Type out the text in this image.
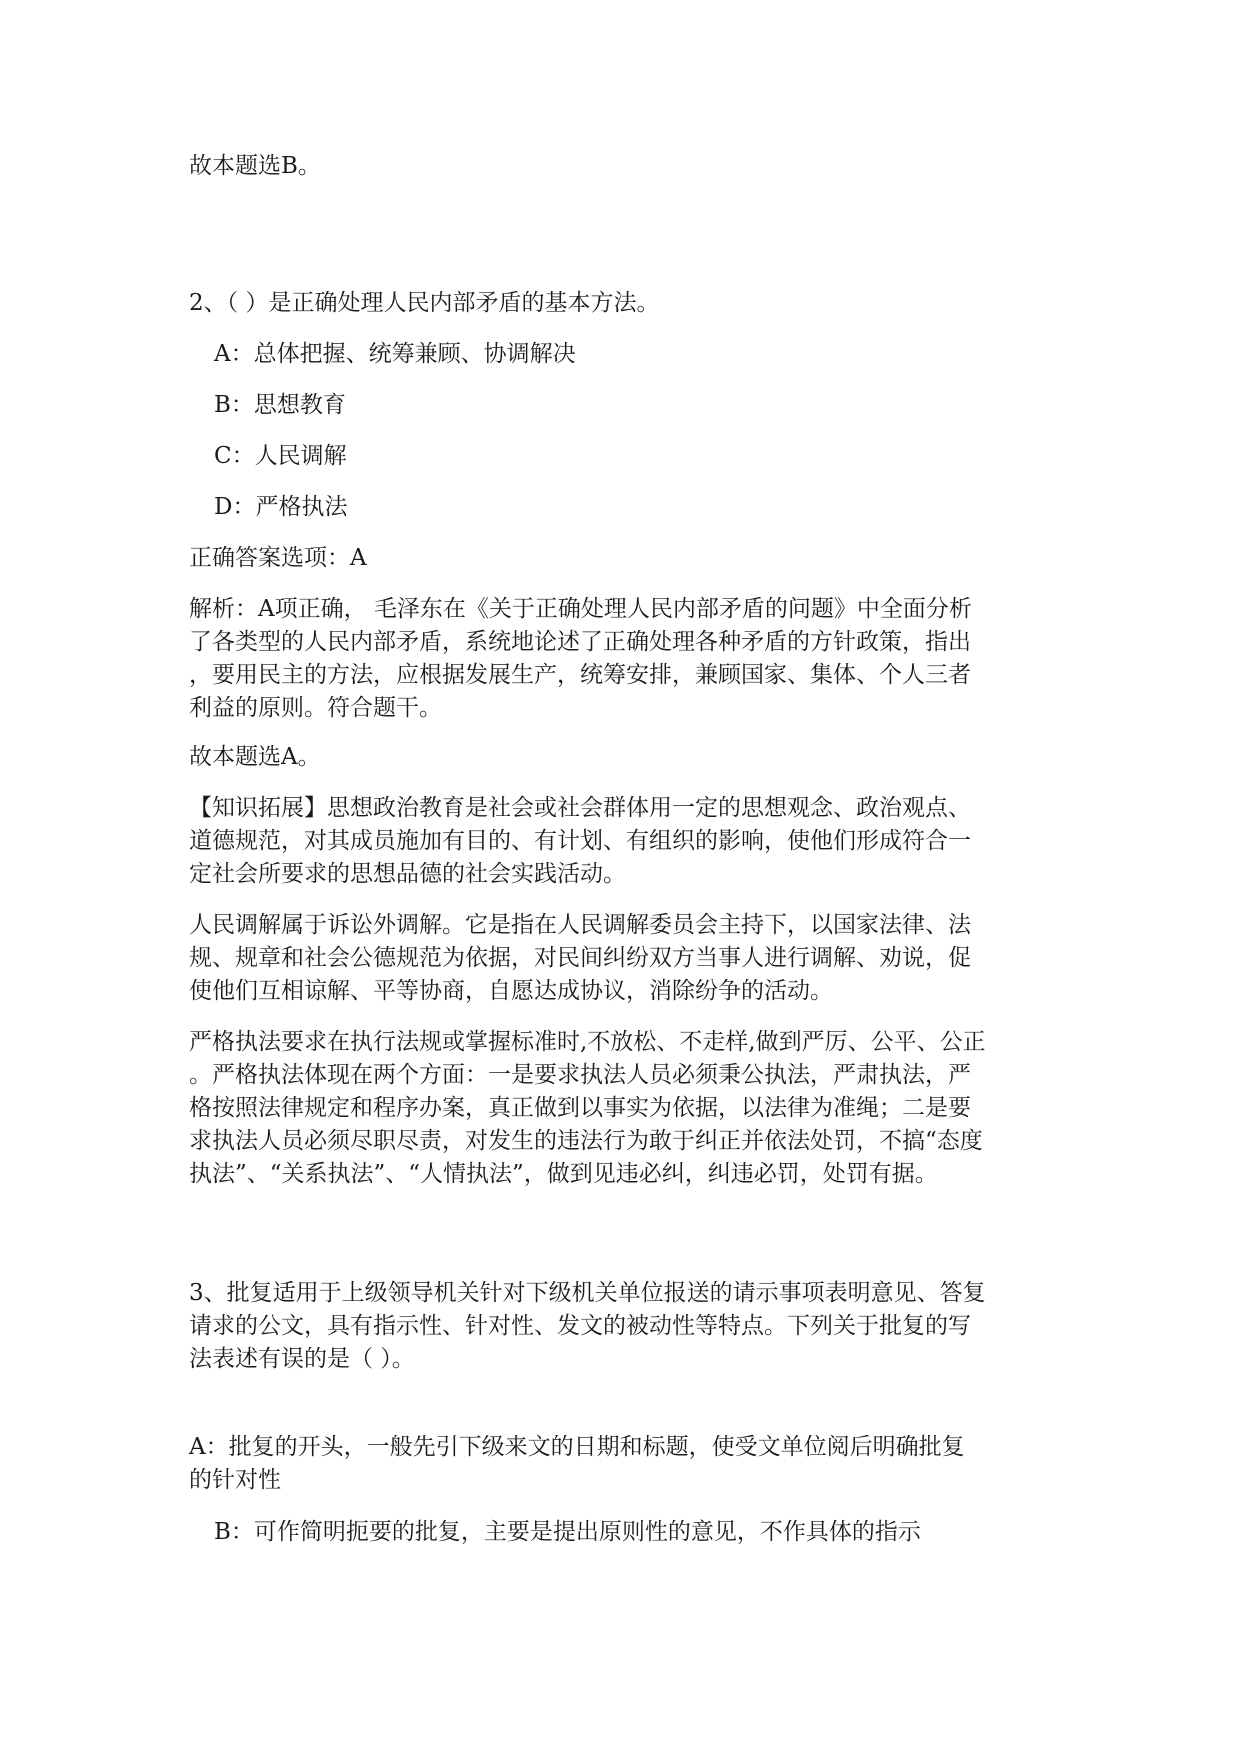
故本题选B。

2、（ ）是正确处理人民内部矛盾的基本方法。

A：总体把握、统筹兼顾、协调解决

B：思想教育

C：人民调解

D：严格执法

正确答案选项：A

解析：A项正确， 毛泽东在《关于正确处理人民内部矛盾的问题》中全面分析
了各类型的人民内部矛盾，系统地论述了正确处理各种矛盾的方针政策，指出
，要用民主的方法，应根据发展生产，统筹安排，兼顾国家、集体、个人三者
利益的原则。符合题干。

故本题选A。

【知识拓展】思想政治教育是社会或社会群体用一定的思想观念、政治观点、
道德规范，对其成员施加有目的、有计划、有组织的影响，使他们形成符合一
定社会所要求的思想品德的社会实践活动。
人民调解属于诉讼外调解。它是指在人民调解委员会主持下，以国家法律、法
规、规章和社会公德规范为依据，对民间纠纷双方当事人进行调解、劝说，促
使他们互相谅解、平等协商，自愿达成协议，消除纷争的活动。
严格执法要求在执行法规或掌握标准时,不放松、不走样,做到严厉、公平、公正
。严格执法体现在两个方面：一是要求执法人员必须秉公执法，严肃执法，严
格按照法律规定和程序办案，真正做到以事实为依据，以法律为准绳；二是要
求执法人员必须尽职尽责，对发生的违法行为敢于纠正并依法处罚，不搞“态度
执法”、“关系执法”、“人情执法”，做到见违必纠，纠违必罚，处罚有据。
3、批复适用于上级领导机关针对下级机关单位报送的请示事项表明意见、答复
请求的公文，具有指示性、针对性、发文的被动性等特点。下列关于批复的写
法表述有误的是（ ）。
A：批复的开头，一般先引下级来文的日期和标题，使受文单位阅后明确批复
的针对性

B：可作简明扼要的批复，主要是提出原则性的意见，不作具体的指示
